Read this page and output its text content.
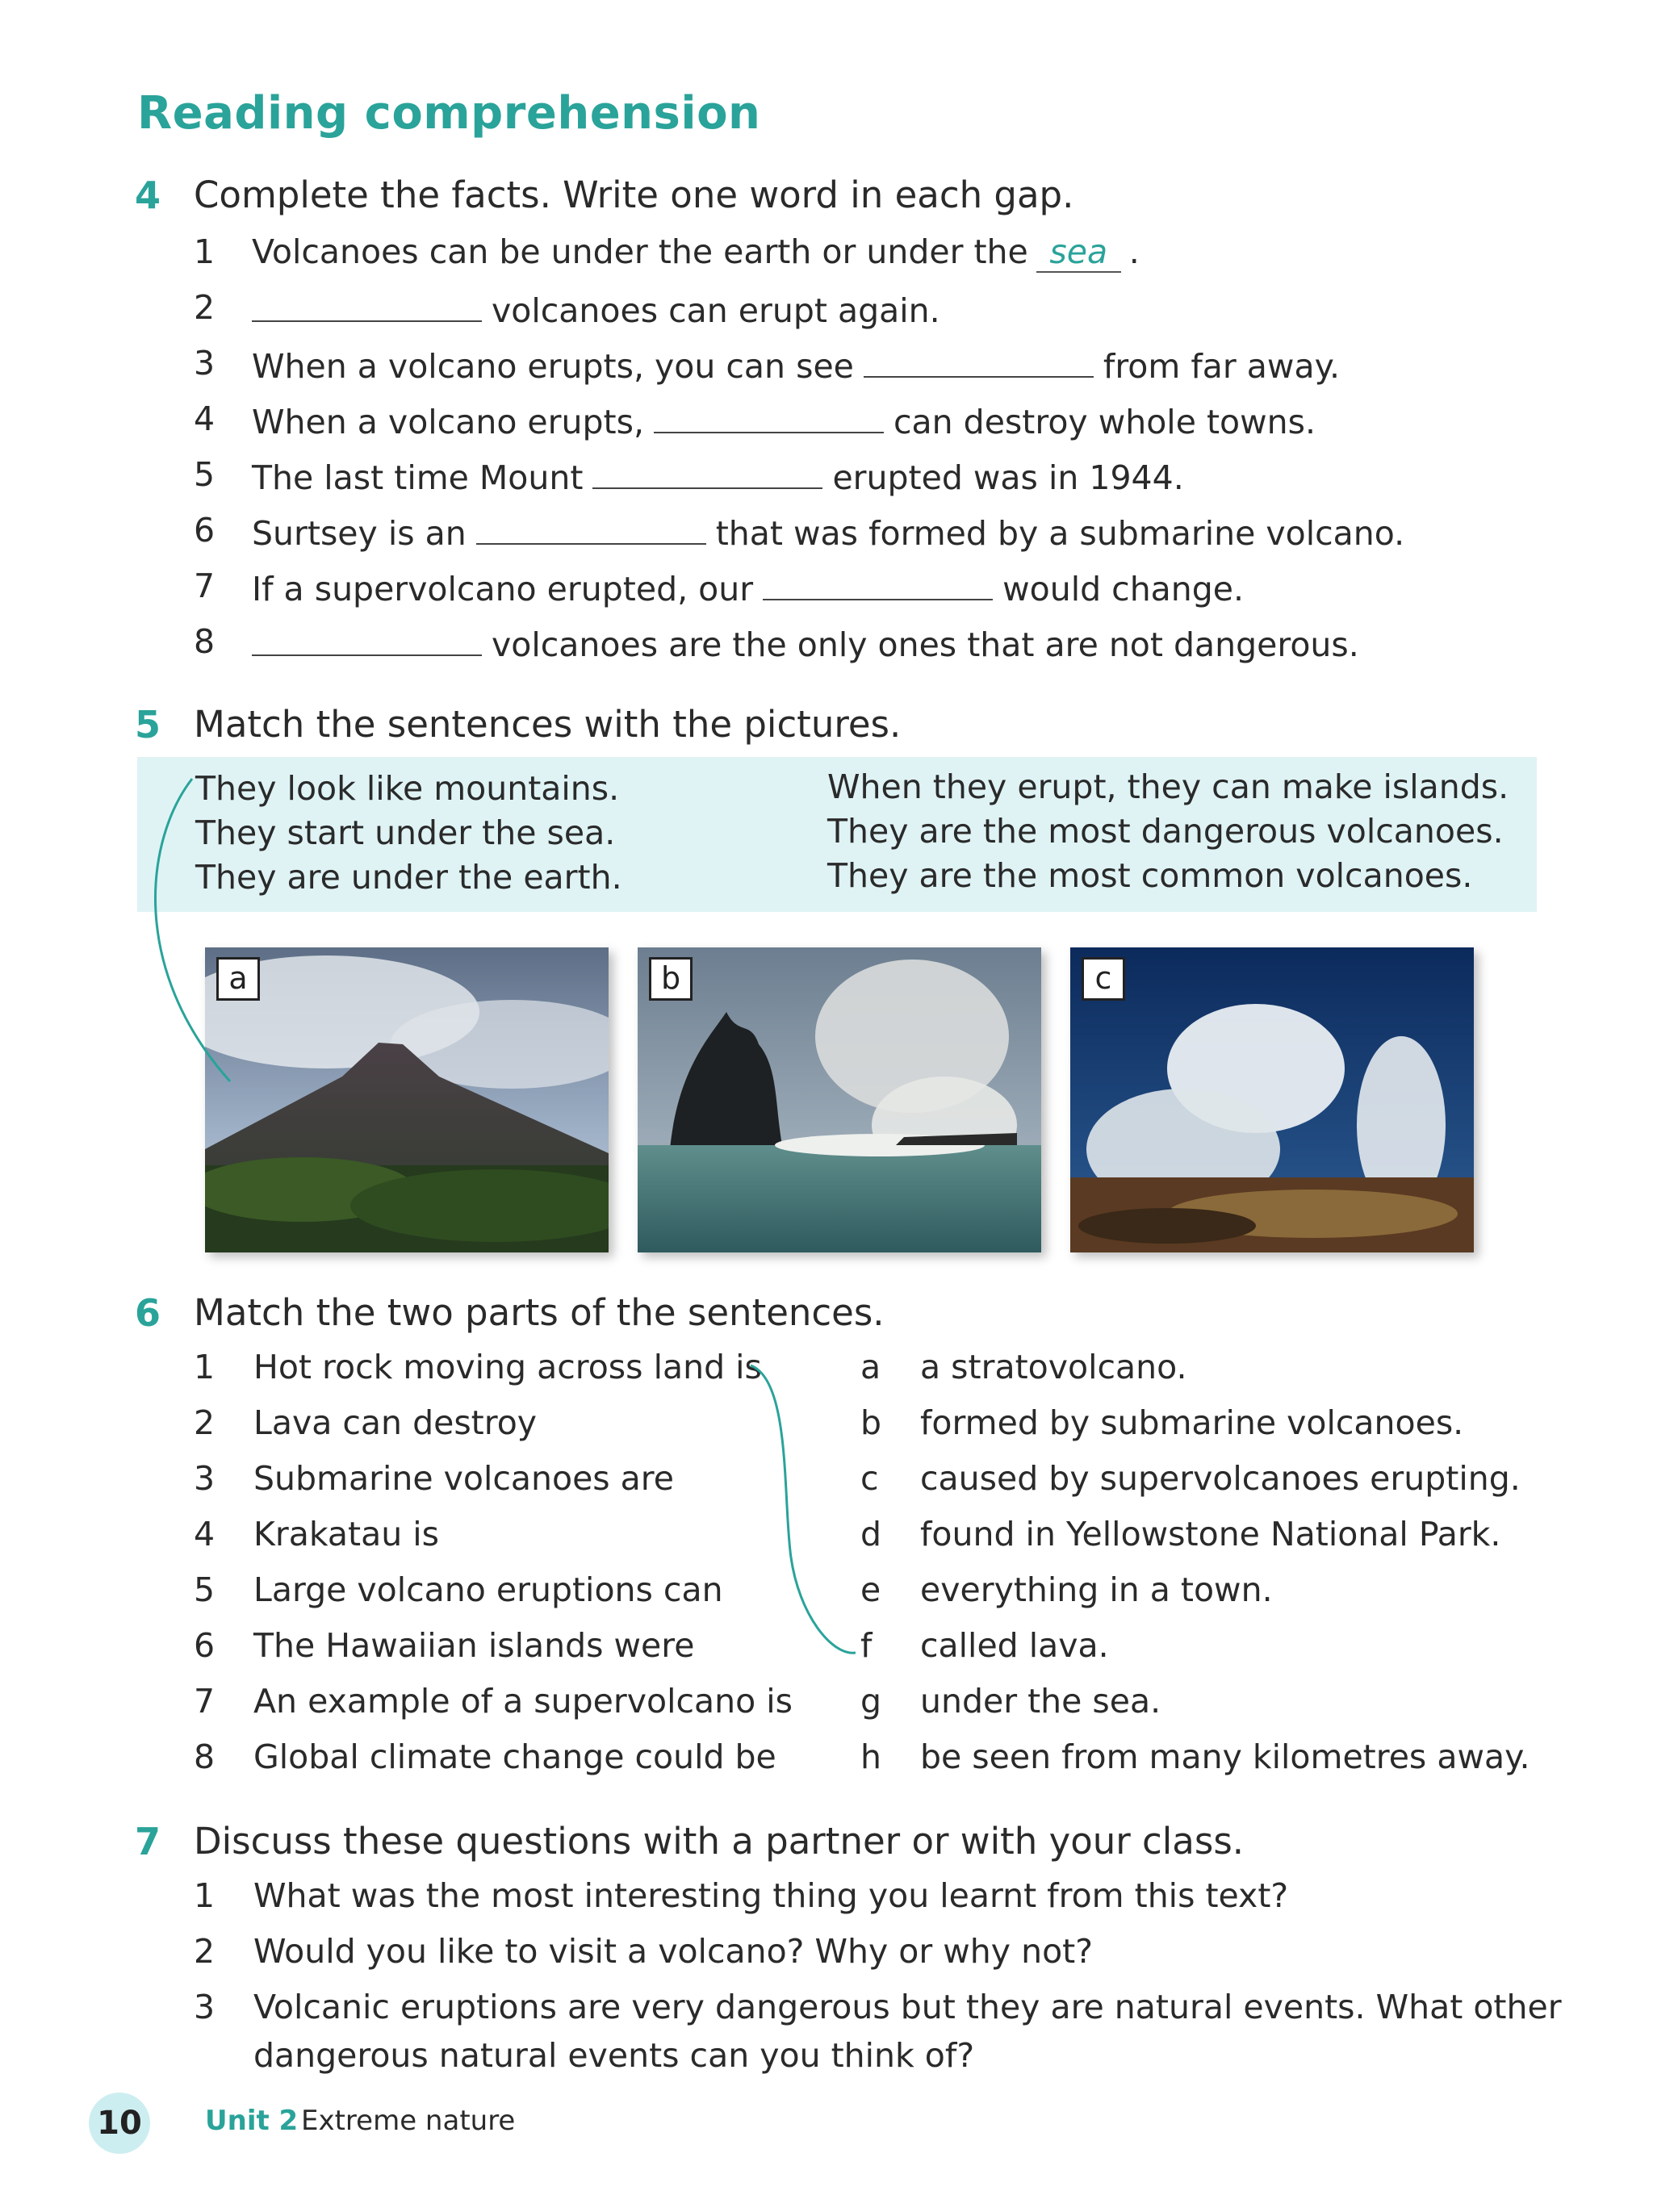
Reading comprehension
4 Complete the facts. Write one word in each gap.
1 Volcanoes can be under the earth or under the sea .
2	volcanoes can erupt again.
3 When a volcano erupts, you can see	from far away.
4 When a volcano erupts,	can destroy whole towns.
5 The last time Mount	erupted was in 1944.
6 Surtsey is an	that was formed by a submarine volcano.
7 If a supervolcano erupted, our	would change.
8	volcanoes are the only ones that are not dangerous.
5 Match the sentences with the pictures.
They look like mountains.
They start under the sea.
They are under the earth.
When they erupt, they can make islands.
They are the most dangerous volcanoes.
They are the most common volcanoes.
a	b	c
6 Match the two parts of the sentences.
1 Hot rock moving across land is	a a stratovolcano.
2 Lava can destroy	b formed by submarine volcanoes.
3 Submarine volcanoes are	c caused by supervolcanoes erupting.
4 Krakatau is	d found in Yellowstone National Park.
5 Large volcano eruptions can	e everything in a town.
6 The Hawaiian islands were	f called lava.
7 An example of a supervolcano is g under the sea.
8 Global climate change could be	h be seen from many kilometres away.
7 Discuss these questions with a partner or with your class.
1 What was the most interesting thing you learnt from this text?
2 Would you like to visit a volcano? Why or why not?
3 Volcanic eruptions are very dangerous but they are natural events. What other
dangerous natural events can you think of?
10 Unit 2 Extreme nature
